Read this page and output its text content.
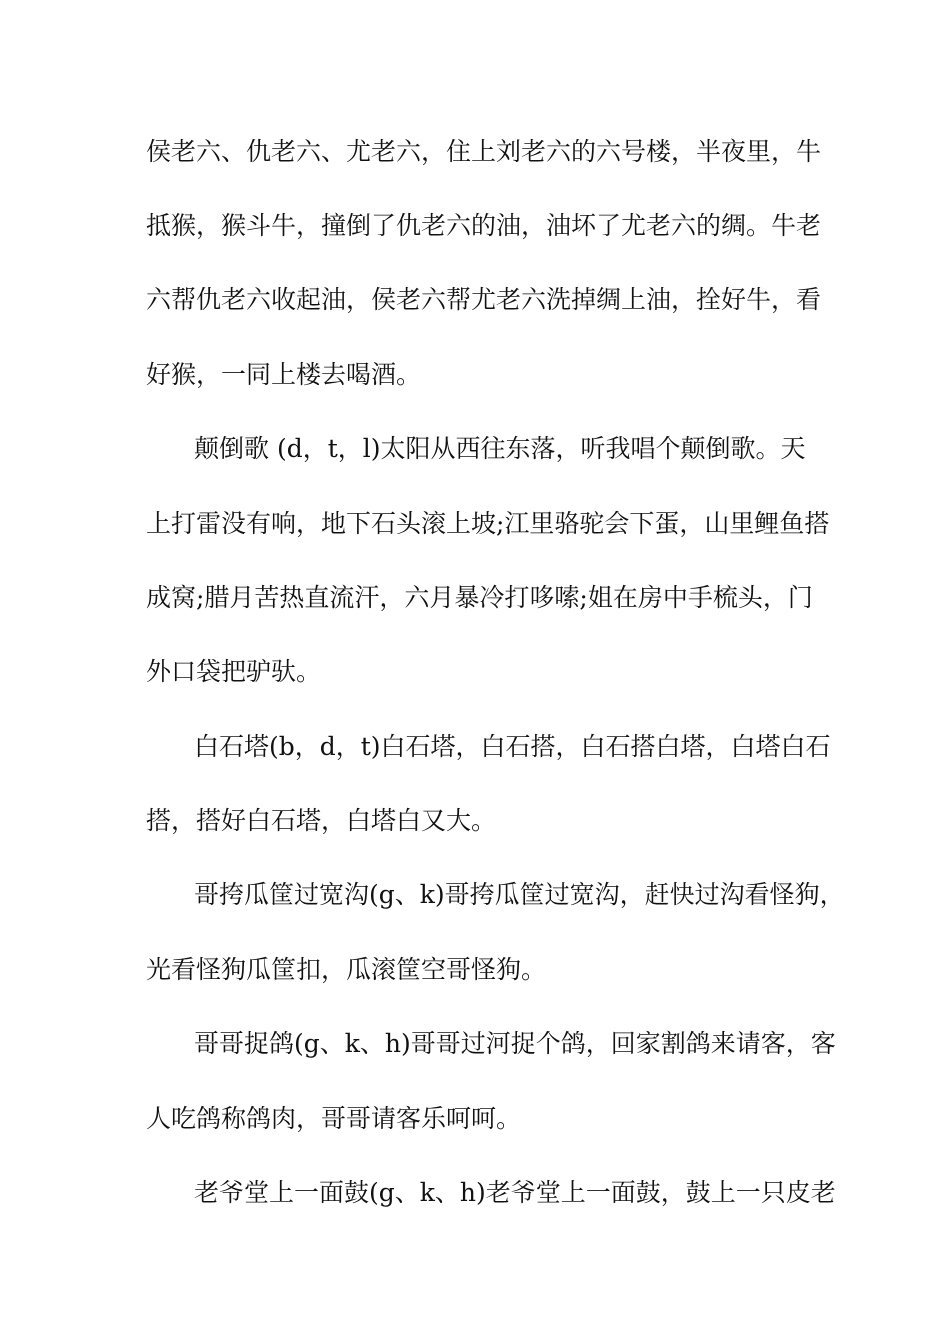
侯老六、仇老六、尤老六，住上刘老六的六号楼，半夜里，牛
抵猴，猴斗牛，撞倒了仇老六的油，油坏了尤老六的绸。牛老
六帮仇老六收起油，侯老六帮尤老六洗掉绸上油，拴好牛，看
好猴，一同上楼去喝酒。
颠倒歌 (d，t，l)太阳从西往东落，听我唱个颠倒歌。天
上打雷没有响，地下石头滚上坡;江里骆驼会下蛋，山里鲤鱼搭
成窝;腊月苦热直流汗，六月暴冷打哆嗦;姐在房中手梳头，门
外口袋把驴驮。
白石塔(b，d，t)白石塔，白石搭，白石搭白塔，白塔白石
搭，搭好白石塔，白塔白又大。
哥挎瓜筐过宽沟(g、k)哥挎瓜筐过宽沟，赶快过沟看怪狗，
光看怪狗瓜筐扣，瓜滚筐空哥怪狗。
哥哥捉鸽(g、k、h)哥哥过河捉个鸽，回家割鸽来请客，客
人吃鸽称鸽肉，哥哥请客乐呵呵。
老爷堂上一面鼓(g、k、h)老爷堂上一面鼓，鼓上一只皮老
